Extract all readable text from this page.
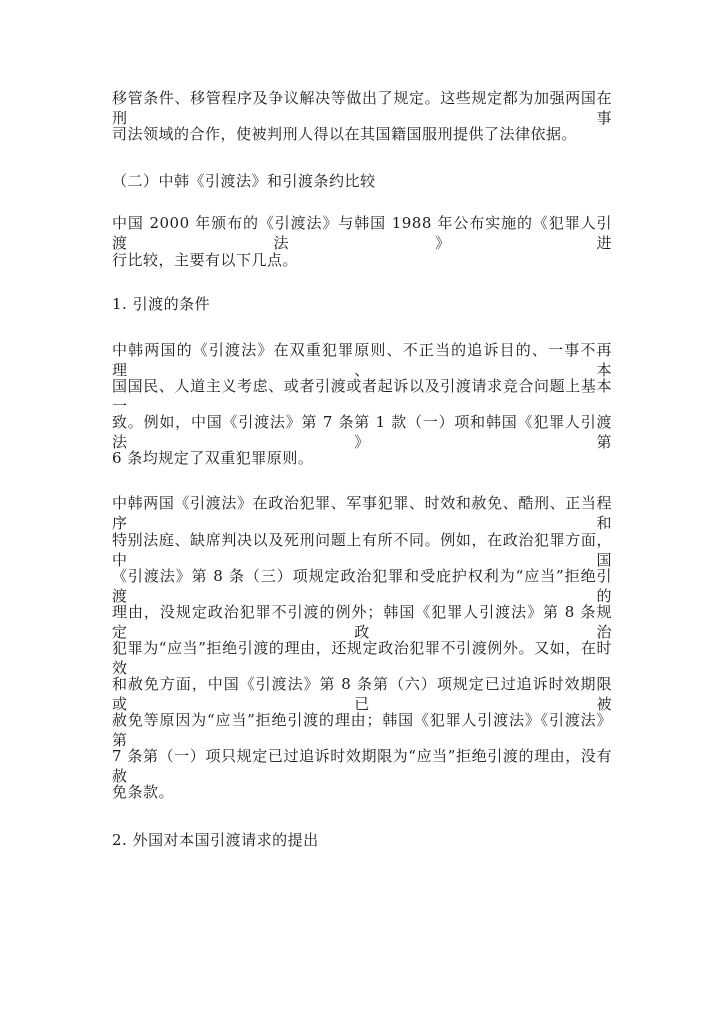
移管条件、移管程序及争议解决等做出了规定。这些规定都为加强两国在刑事
司法领域的合作，使被判刑人得以在其国籍国服刑提供了法律依据。
（二）中韩《引渡法》和引渡条约比较
中国 2000 年颁布的《引渡法》与韩国 1988 年公布实施的《犯罪人引渡法》进
行比较，主要有以下几点。
1. 引渡的条件
中韩两国的《引渡法》在双重犯罪原则、不正当的追诉目的、一事不再理、本
国国民、人道主义考虑、或者引渡或者起诉以及引渡请求竞合问题上基本一
致。例如，中国《引渡法》第 7 条第 1 款（一）项和韩国《犯罪人引渡法》第
6 条均规定了双重犯罪原则。
中韩两国《引渡法》在政治犯罪、军事犯罪、时效和赦免、酷刑、正当程序和
特别法庭、缺席判决以及死刑问题上有所不同。例如，在政治犯罪方面，中国
《引渡法》第 8 条（三）项规定政治犯罪和受庇护权利为“应当”拒绝引渡的
理由，没规定政治犯罪不引渡的例外；韩国《犯罪人引渡法》第 8 条规定政治
犯罪为“应当”拒绝引渡的理由，还规定政治犯罪不引渡例外。又如，在时效
和赦免方面，中国《引渡法》第 8 条第（六）项规定已过追诉时效期限或已被
赦免等原因为“应当”拒绝引渡的理由；韩国《犯罪人引渡法》《引渡法》第
7 条第（一）项只规定已过追诉时效期限为“应当”拒绝引渡的理由，没有赦
免条款。
2. 外国对本国引渡请求的提出
